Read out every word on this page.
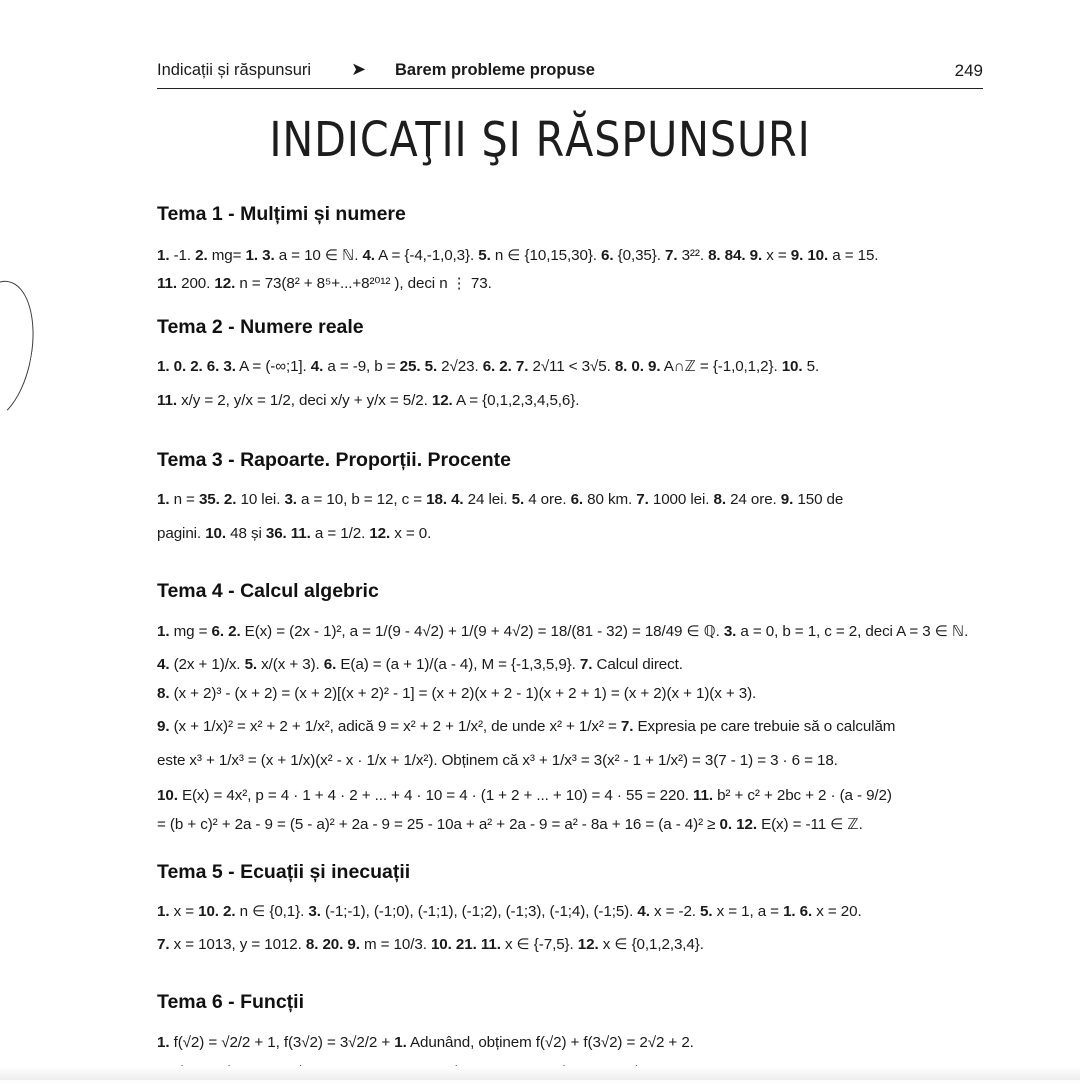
Indicații și răspunsuri ➤ Barem probleme propuse	249
INDICAŢII ŞI RĂSPUNSURI
Tema 1 - Mulțimi și numere
1. -1. 2. mg= 1. 3. a = 10 ∈ ℕ. 4. A = {-4,-1,0,3}. 5. n ∈ {10,15,30}. 6. {0,35}. 7. 3²². 8. 84. 9. x = 9. 10. a = 15.
11. 200. 12. n = 73(8² + 8⁵+...+8²⁰¹² ), deci n ⋮ 73.
Tema 2 - Numere reale
1. 0. 2. 6. 3. A = (-∞;1]. 4. a = -9, b = 25. 5. 2√23. 6. 2. 7. 2√11 < 3√5. 8. 0. 9. A∩ℤ = {-1,0,1,2}. 10. 5.
11. x/y = 2, y/x = 1/2, deci x/y + y/x = 5/2. 12. A = {0,1,2,3,4,5,6}.
Tema 3 - Rapoarte. Proporții. Procente
1. n = 35. 2. 10 lei. 3. a = 10, b = 12, c = 18. 4. 24 lei. 5. 4 ore. 6. 80 km. 7. 1000 lei. 8. 24 ore. 9. 150 de
pagini. 10. 48 și 36. 11. a = 1/2. 12. x = 0.
Tema 4 - Calcul algebric
1. mg = 6. 2. E(x) = (2x - 1)², a = 1/(9 - 4√2) + 1/(9 + 4√2) = 18/(81 - 32) = 18/49 ∈ ℚ. 3. a = 0, b = 1, c = 2, deci A = 3 ∈ ℕ.
4. (2x + 1)/x. 5. x/(x + 3). 6. E(a) = (a + 1)/(a - 4), M = {-1,3,5,9}. 7. Calcul direct.
8. (x + 2)³ - (x + 2) = (x + 2)[(x + 2)² - 1] = (x + 2)(x + 2 - 1)(x + 2 + 1) = (x + 2)(x + 1)(x + 3).
9. (x + 1/x)² = x² + 2 + 1/x², adică 9 = x² + 2 + 1/x², de unde x² + 1/x² = 7. Expresia pe care trebuie să o calculăm
este x³ + 1/x³ = (x + 1/x)(x² - x · 1/x + 1/x²). Obținem că x³ + 1/x³ = 3(x² - 1 + 1/x²) = 3(7 - 1) = 3 · 6 = 18.
10. E(x) = 4x², p = 4 · 1 + 4 · 2 + ... + 4 · 10 = 4 · (1 + 2 + ... + 10) = 4 · 55 = 220. 11. b² + c² + 2bc + 2 · (a - 9/2)
= (b + c)² + 2a - 9 = (5 - a)² + 2a - 9 = 25 - 10a + a² + 2a - 9 = a² - 8a + 16 = (a - 4)² ≥ 0. 12. E(x) = -11 ∈ ℤ.
Tema 5 - Ecuații și inecuații
1. x = 10. 2. n ∈ {0,1}. 3. (-1;-1), (-1;0), (-1;1), (-1;2), (-1;3), (-1;4), (-1;5). 4. x = -2. 5. x = 1, a = 1. 6. x = 20.
7. x = 1013, y = 1012. 8. 20. 9. m = 10/3. 10. 21. 11. x ∈ {-7,5}. 12. x ∈ {0,1,2,3,4}.
Tema 6 - Funcții
1. f(√2) = √2/2 + 1, f(3√2) = 3√2/2 + 1. Adunând, obținem f(√2) + f(3√2) = 2√2 + 2.
